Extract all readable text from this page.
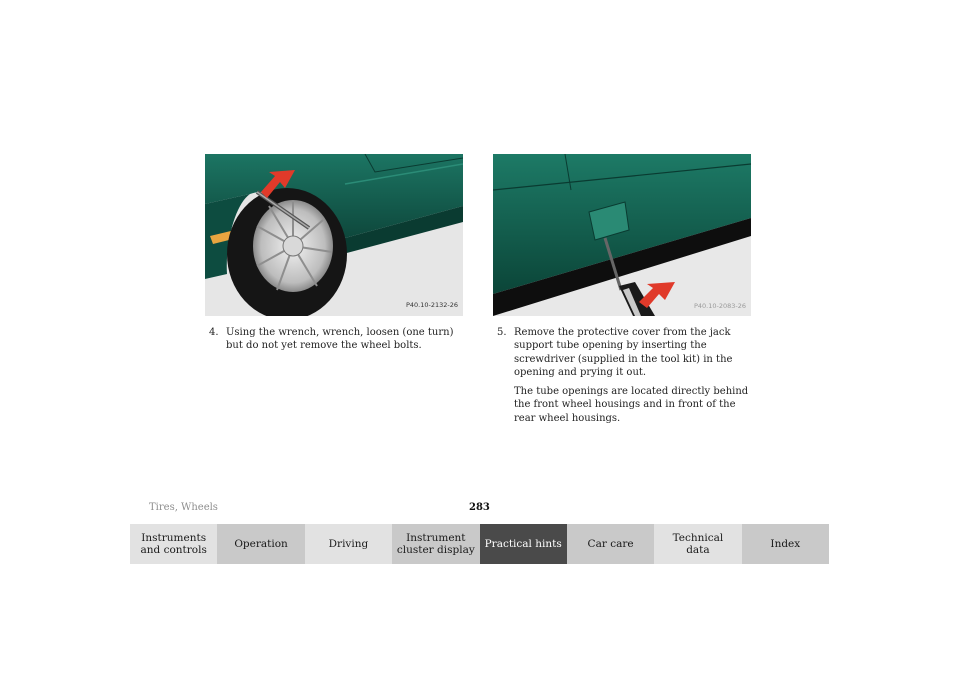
P40.10-2132-26	P40.10-2083-26
4. Using the wrench, wrench, loosen (one turn) but do not yet remove the wheel bolts.
5. Remove the protective cover from the jack support tube opening by inserting the screwdriver (supplied in the tool kit) in the opening and prying it out.
The tube openings are located directly behind the front wheel housings and in front of the rear wheel housings.
Tires, Wheels	283
Instruments
and controls
Operation	Driving
Instrument
cluster display
Practical hints	Car care
Technical
data
Index
